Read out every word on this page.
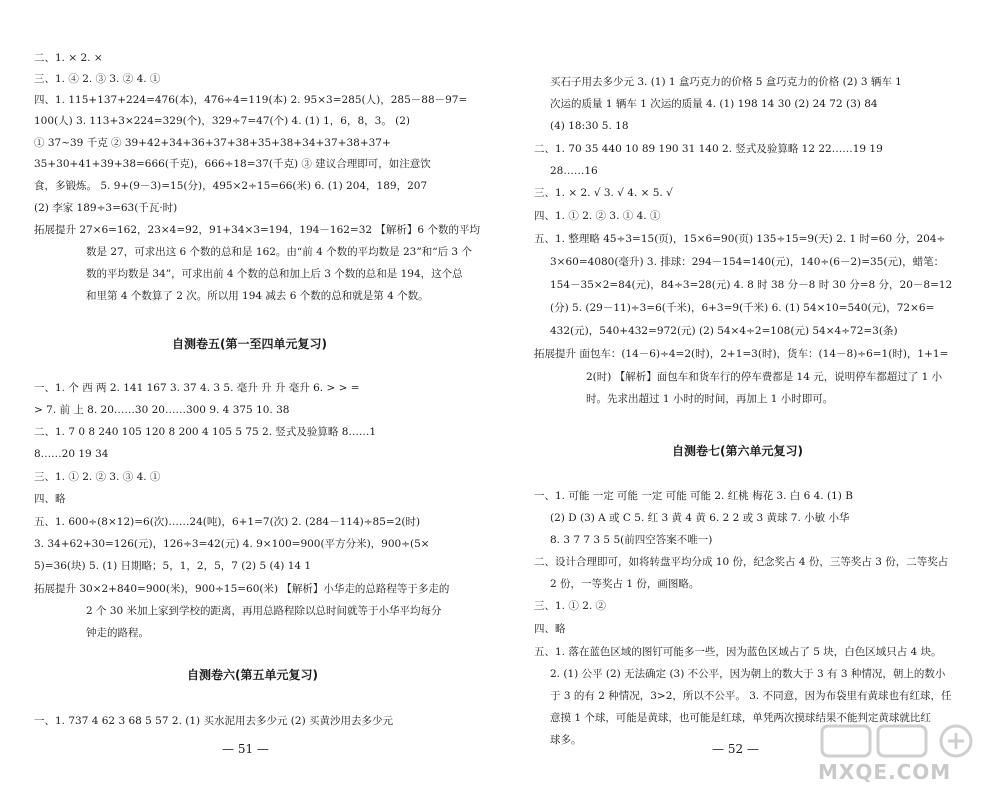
二、1. × 2. ×

三、1. ④ 2. ③ 3. ② 4. ①

四、1. 115+137+224=476(本)，476÷4=119(本) 2. 95×3=285(人)，285－88－97=

100(人) 3. 113+3×224=329(个)，329÷7=47(个) 4. (1) 1，6，8，3。 (2)

① 37~39 千克 ② 39+42+34+36+37+38+35+38+34+37+38+37+

35+30+41+39+38=666(千克)，666÷18=37(千克) ③ 建议合理即可，如注意饮

食，多锻炼。 5. 9+(9－3)=15(分)，495×2÷15=66(米) 6. (1) 204，189，207

(2) 李家 189÷3=63(千瓦·时)

拓展提升 27×6=162，23×4=92，91+34×3=194，194－162=32 【解析】6 个数的平均

数是 27，可求出这 6 个数的总和是 162。由“前 4 个数的平均数是 23”和“后 3 个

数的平均数是 34”，可求出前 4 个数的总和加上后 3 个数的总和是 194，这个总

和里第 4 个数算了 2 次。所以用 194 减去 6 个数的总和就是第 4 个数。

自测卷五(第一至四单元复习)

一、1. 个 西 两 2. 141 167 3. 37 4. 3 5. 毫升 升 升 毫升 6. > > =

> 7. 前 上 8. 20……30 20……300 9. 4 375 10. 38

二、1. 7 0 8 240 105 120 8 200 4 105 5 75 2. 竖式及验算略 8……1

8……20 19 34

三、1. ① 2. ② 3. ③ 4. ①

四、略

五、1. 600÷(8×12)=6(次)……24(吨)，6+1=7(次) 2. (284－114)÷85=2(时)

3. 34+62+30=126(元)，126÷3=42(元) 4. 9×100=900(平方分米)，900÷(5×

5)=36(块) 5. (1) 日期略；5，1，2，5，7 (2) 5 (4) 14 1

拓展提升 30×2+840=900(米)，900÷15=60(米) 【解析】小华走的总路程等于多走的

2 个 30 米加上家到学校的距离，再用总路程除以总时间就等于小华平均每分

钟走的路程。

自测卷六(第五单元复习)

一、1. 737 4 62 3 68 5 57 2. (1) 买水泥用去多少元 (2) 买黄沙用去多少元

— 51 —

买石子用去多少元 3. (1) 1 盒巧克力的价格 5 盒巧克力的价格 (2) 3 辆车 1

次运的质量 1 辆车 1 次运的质量 4. (1) 198 14 30 (2) 24 72 (3) 84

(4) 18:30 5. 18

二、1. 70 35 440 10 89 190 31 140 2. 竖式及验算略 12 22……19 19

28……16

三、1. × 2. √ 3. √ 4. × 5. √

四、1. ① 2. ② 3. ① 4. ①

五、1. 整理略 45÷3=15(页)，15×6=90(页) 135÷15=9(天) 2. 1 时=60 分，204÷

3×60=4080(毫升) 3. 排球：294－154=140(元)，140÷(6－2)=35(元)，蜡笔：

154－35×2=84(元)，84÷3=28(元) 4. 8 时 38 分－8 时 30 分=8 分，20－8=12

(分) 5. (29－11)÷3=6(千米)，6+3=9(千米) 6. (1) 54×10=540(元)，72×6=

432(元)，540+432=972(元) (2) 54×4÷2=108(元) 54×4÷72=3(条)

拓展提升 面包车：(14－6)÷4=2(时)，2+1=3(时)，货车：(14－8)÷6=1(时)，1+1=

2(时) 【解析】面包车和货车行的停车费都是 14 元，说明停车都超过了 1 小

时。先求出超过 1 小时的时间，再加上 1 小时即可。

自测卷七(第六单元复习)

一、1. 可能 一定 可能 一定 可能 可能 2. 红桃 梅花 3. 白 6 4. (1) B

(2) D (3) A 或 C 5. 红 3 黄 4 黄 6. 2 2 或 3 黄球 7. 小敏 小华

8. 3 7 7 3 5 5(前四空答案不唯一)

二、设计合理即可，如将转盘平均分成 10 份，纪念奖占 4 份，三等奖占 3 份，二等奖占

2 份，一等奖占 1 份，画图略。

三、1. ① 2. ②

四、略

五、1. 落在蓝色区域的图钉可能多一些，因为蓝色区域占了 5 块，白色区域只占 4 块。

2. (1) 公平 (2) 无法确定 (3) 不公平，因为朝上的数大于 3 有 3 种情况，朝上的数小

于 3 的有 2 种情况，3>2，所以不公平。 3. 不同意，因为布袋里有黄球也有红球，任

意摸 1 个球，可能是黄球，也可能是红球，单凭两次摸球结果不能判定黄球就比红

球多。

— 52 —

MXQE.COM
